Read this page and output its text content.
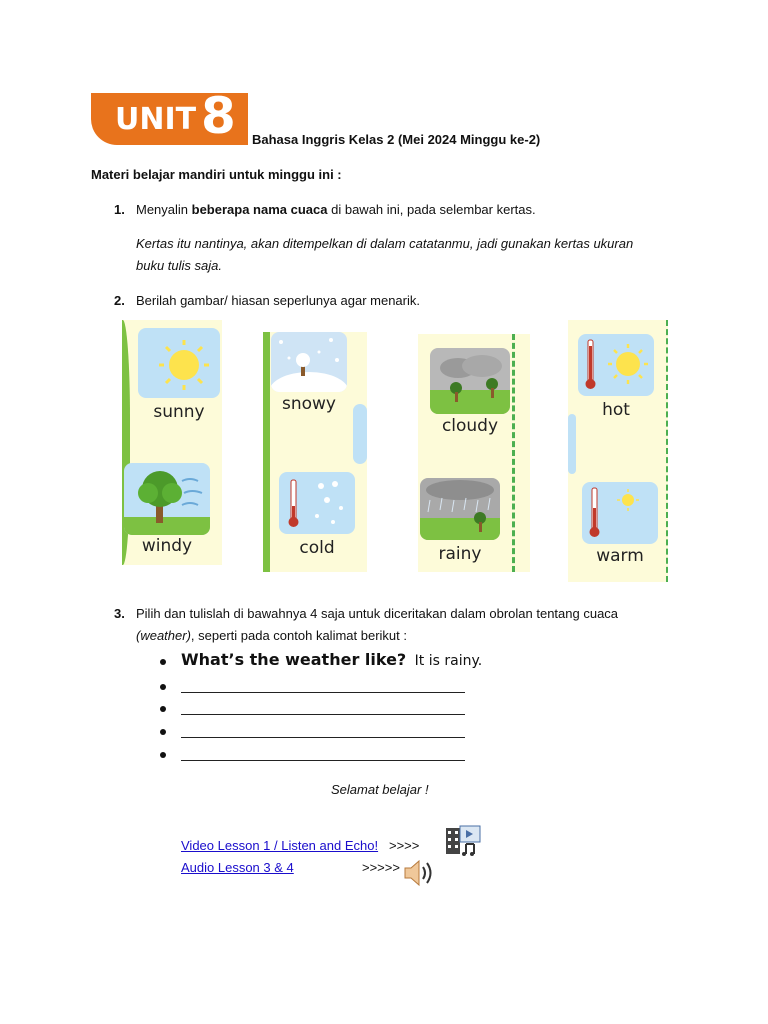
UNIT 8 Bahasa Inggris Kelas 2 (Mei 2024 Minggu ke-2)
Materi belajar mandiri untuk minggu ini :
1. Menyalin beberapa nama cuaca di bawah ini, pada selembar kertas.
Kertas itu nantinya, akan ditempelkan di dalam catatanmu, jadi gunakan kertas ukuran
buku tulis saja.
2. Berilah gambar/ hiasan seperlunya agar menarik.
sunny
windy
snowy
cold
cloudy
rainy
hot
warm
3. Pilih dan tulislah di bawahnya 4 saja untuk diceritakan dalam obrolan tentang cuaca
(weather), seperti pada contoh kalimat berikut :
What’s the weather like? It is rainy.
Selamat belajar !
Video Lesson 1 / Listen and Echo! >>>>
Audio Lesson 3 & 4	>>>>>
